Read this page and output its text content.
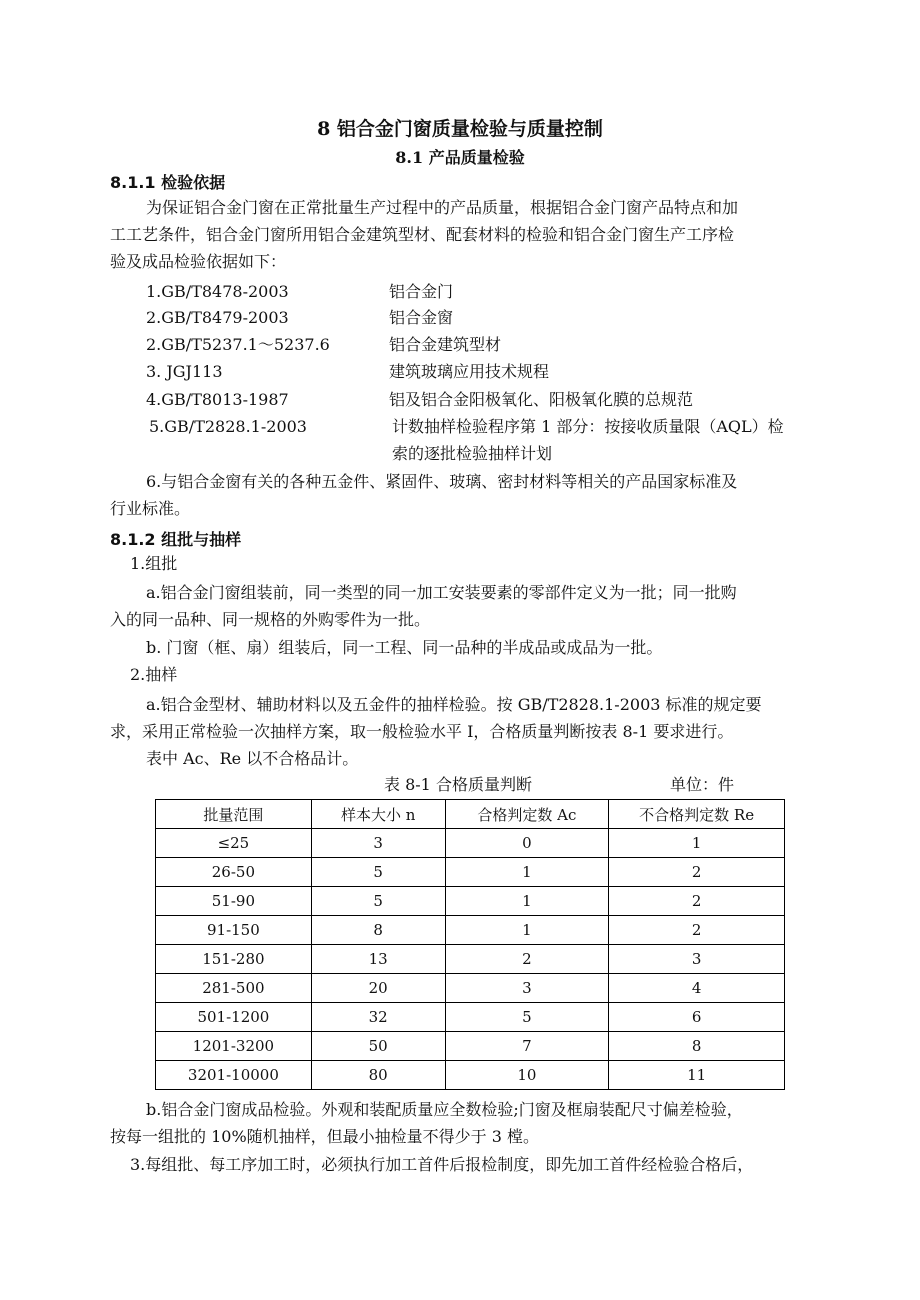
8 铝合金门窗质量检验与质量控制
8.1 产品质量检验
8.1.1 检验依据
为保证铝合金门窗在正常批量生产过程中的产品质量，根据铝合金门窗产品特点和加
工工艺条件，铝合金门窗所用铝合金建筑型材、配套材料的检验和铝合金门窗生产工序检
验及成品检验依据如下：
1.GB/T8478-2003	铝合金门
2.GB/T8479-2003	铝合金窗
2.GB/T5237.1～5237.6	铝合金建筑型材
3. JGJ113	建筑玻璃应用技术规程
4.GB/T8013-1987	铝及铝合金阳极氧化、阳极氧化膜的总规范
5.GB/T2828.1-2003	计数抽样检验程序第 1 部分：按接收质量限（AQL）检
索的逐批检验抽样计划
6.与铝合金窗有关的各种五金件、紧固件、玻璃、密封材料等相关的产品国家标准及
行业标准。
8.1.2 组批与抽样
1.组批
a.铝合金门窗组装前，同一类型的同一加工安装要素的零部件定义为一批；同一批购
入的同一品种、同一规格的外购零件为一批。
b. 门窗（框、扇）组装后，同一工程、同一品种的半成品或成品为一批。
2.抽样
a.铝合金型材、辅助材料以及五金件的抽样检验。按 GB/T2828.1-2003 标准的规定要
求，采用正常检验一次抽样方案，取一般检验水平 I，合格质量判断按表 8-1 要求进行。
表中 Ac、Re 以不合格品计。
表 8-1 合格质量判断	单位：件
批量范围	样本大小 n	合格判定数 Ac	不合格判定数 Re
≤25	3	0	1
26-50	5	1	2
51-90	5	1	2
91-150	8	1	2
151-280	13	2	3
281-500	20	3	4
501-1200	32	5	6
1201-3200	50	7	8
3201-10000	80	10	11
b.铝合金门窗成品检验。外观和装配质量应全数检验;门窗及框扇装配尺寸偏差检验，
按每一组批的 10%随机抽样，但最小抽检量不得少于 3 樘。
3.每组批、每工序加工时，必须执行加工首件后报检制度，即先加工首件经检验合格后，
